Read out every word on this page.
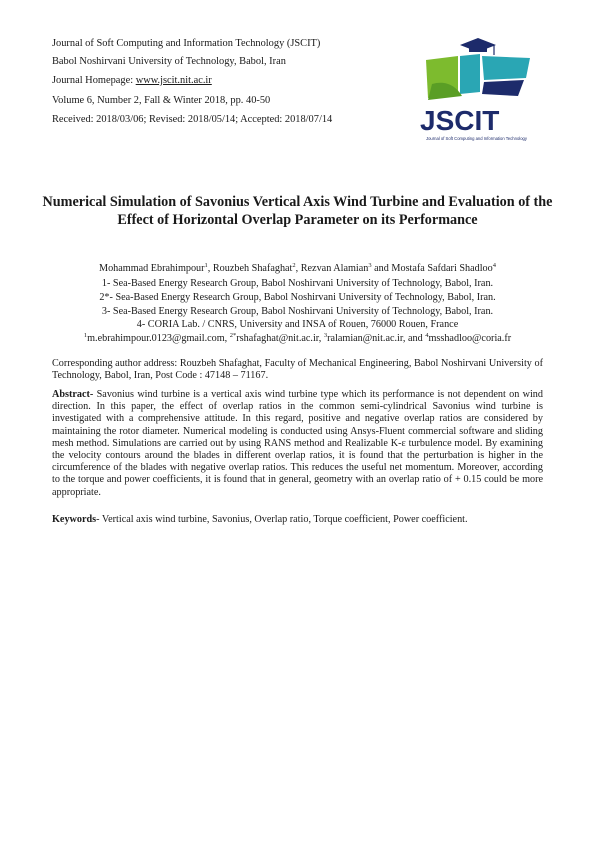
Journal of Soft Computing and Information Technology (JSCIT)
Babol Noshirvani University of Technology, Babol, Iran
Journal Homepage: www.jscit.nit.ac.ir
Volume 6, Number 2, Fall & Winter 2018, pp. 40-50
Received: 2018/03/06; Revised: 2018/05/14; Accepted: 2018/07/14	JSCIT
Journal of Soft Computing and Information Technology
Numerical Simulation of Savonius Vertical Axis Wind Turbine and Evaluation of the Effect of Horizontal Overlap Parameter on its Performance
Mohammad Ebrahimpour$^1$, Rouzbeh Shafaghat$^2$, Rezvan Alamian$^3$ and Mostafa Safdari Shadloo$^4$
1- Sea-Based Energy Research Group, Babol Noshirvani University of Technology, Babol, Iran.
2*- Sea-Based Energy Research Group, Babol Noshirvani University of Technology, Babol, Iran.
3- Sea-Based Energy Research Group, Babol Noshirvani University of Technology, Babol, Iran.
4- CORIA Lab. / CNRS, University and INSA of Rouen, 76000 Rouen, France
$^1$m.ebrahimpour.0123@gmail.com, $^{2*}$rshafaghat@nit.ac.ir, $^3$ralamian@nit.ac.ir, and $^4$msshadloo@coria.fr
Corresponding author address: Rouzbeh Shafaghat, Faculty of Mechanical Engineering, Babol Noshirvani University of Technology, Babol, Iran, Post Code : 47148 – 71167.
Abstract- Savonius wind turbine is a vertical axis wind turbine type which its performance is not dependent on wind direction. In this paper, the effect of overlap ratios in the common semi-cylindrical Savonius wind turbine is investigated with a comprehensive attitude. In this regard, positive and negative overlap ratios are considered by maintaining the rotor diameter. Numerical modeling is conducted using Ansys-Fluent commercial software and sliding mesh method. Simulations are carried out by using RANS method and Realizable K-ε turbulence model. By examining the velocity contours around the blades in different overlap ratios, it is found that the perturbation is higher in the circumference of the blades with negative overlap ratios. This reduces the useful net momentum. Moreover, according to the torque and power coefficients, it is found that in general, geometry with an overlap ratio of + 0.15 could be more appropriate.
Keywords- Vertical axis wind turbine, Savonius, Overlap ratio, Torque coefficient, Power coefficient.
